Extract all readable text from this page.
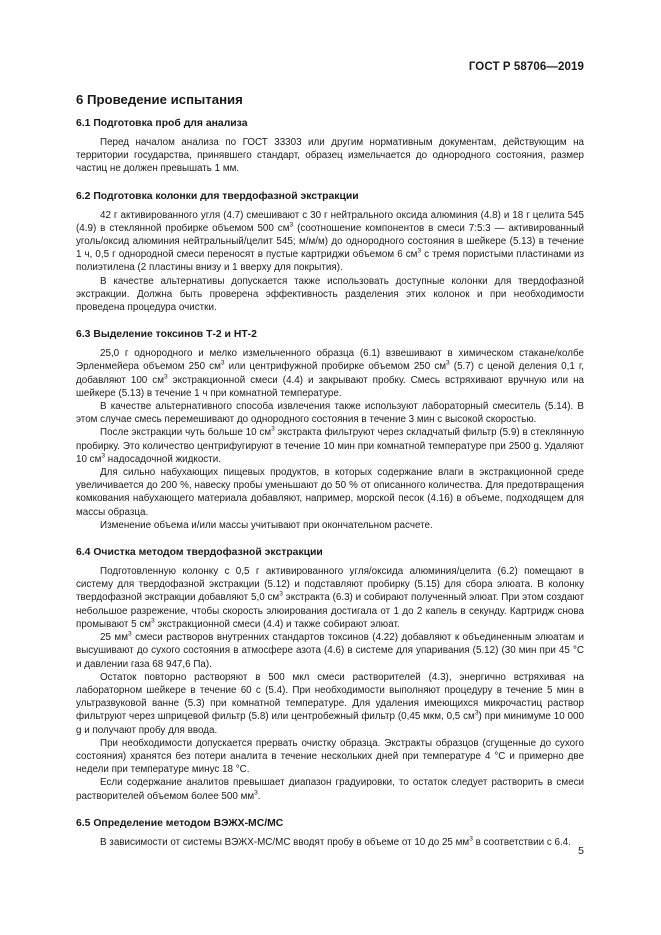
ГОСТ Р 58706—2019
6 Проведение испытания
6.1 Подготовка проб для анализа

Перед началом анализа по ГОСТ 33303 или другим нормативным документам, действующим на территории государства, принявшего стандарт, образец измельчается до однородного состояния, размер частиц не должен превышать 1 мм.

6.2 Подготовка колонки для твердофазной экстракции

42 г активированного угля (4.7) смешивают с 30 г нейтрального оксида алюминия (4.8) и 18 г целита 545 (4.9) в стеклянной пробирке объемом 500 $см^3$ (соотношение компонентов в смеси 7:5:3 — активированный уголь/оксид алюминия нейтральный/целит 545; м/м/м) до однородного состояния в шейкере (5.13) в течение 1 ч, 0,5 г однородной смеси переносят в пустые картриджи объемом 6 $см^3$ с тремя пористыми пластинами из полиэтилена (2 пластины внизу и 1 вверху для покрытия).

В качестве альтернативы допускается также использовать доступные колонки для твердофазной экстракции. Должна быть проверена эффективность разделения этих колонок и при необходимости проведена процедура очистки.

6.3 Выделение токсинов Т-2 и НТ-2

25,0 г однородного и мелко измельченного образца (6.1) взвешивают в химическом стакане/колбе Эрленмейера объемом 250 $см^3$ или центрифужной пробирке объемом 250 $см^3$ (5.7) с ценой деления 0,1 г, добавляют 100 $см^3$ экстракционной смеси (4.4) и закрывают пробку. Смесь встряхивают вручную или на шейкере (5.13) в течение 1 ч при комнатной температуре.

В качестве альтернативного способа извлечения также используют лабораторный смеситель (5.14). В этом случае смесь перемешивают до однородного состояния в течение 3 мин с высокой скоростью.

После экстракции чуть больше 10 $см^3$ экстракта фильтруют через складчатый фильтр (5.9) в стеклянную пробирку. Это количество центрифугируют в течение 10 мин при комнатной температуре при 2500 g. Удаляют 10 $см^3$ надосадочной жидкости.

Для сильно набухающих пищевых продуктов, в которых содержание влаги в экстракционной среде увеличивается до 200 %, навеску пробы уменьшают до 50 % от описанного количества. Для предотвращения комкования набухающего материала добавляют, например, морской песок (4.16) в объеме, подходящем для массы образца.

Изменение объема и/или массы учитывают при окончательном расчете.

6.4 Очистка методом твердофазной экстракции

Подготовленную колонку с 0,5 г активированного угля/оксида алюминия/целита (6.2) помещают в систему для твердофазной экстракции (5.12) и подставляют пробирку (5.15) для сбора элюата. В колонку твердофазной экстракции добавляют 5,0 $см^3$ экстракта (6.3) и собирают полученный элюат. При этом создают небольшое разрежение, чтобы скорость элюирования достигала от 1 до 2 капель в секунду. Картридж снова промывают 5 $см^3$ экстракционной смеси (4.4) и также собирают элюат.

25 $мм^3$ смеси растворов внутренних стандартов токсинов (4.22) добавляют к объединенным элюатам и высушивают до сухого состояния в атмосфере азота (4.6) в системе для упаривания (5.12) (30 мин при 45 °С и давлении газа 68 947,6 Па).

Остаток повторно растворяют в 500 мкл смеси растворителей (4.3), энергично встряхивая на лабораторном шейкере в течение 60 с (5.4). При необходимости выполняют процедуру в течение 5 мин в ультразвуковой ванне (5.3) при комнатной температуре. Для удаления имеющихся микрочастиц раствор фильтруют через шприцевой фильтр (5.8) или центробежный фильтр (0,45 мкм, 0,5 $см^3$) при минимуме 10 000 g и получают пробу для ввода.

При необходимости допускается прервать очистку образца. Экстракты образцов (сгущенные до сухого состояния) хранятся без потери аналита в течение нескольких дней при температуре 4 °С и примерно две недели при температуре минус 18 °С.

Если содержание аналитов превышает диапазон градуировки, то остаток следует растворить в смеси растворителей объемом более 500 $мм^3$.

6.5 Определение методом ВЭЖХ-МС/МС

В зависимости от системы ВЭЖХ-МС/МС вводят пробу в объеме от 10 до 25 $мм^3$ в соответствии с 6.4.

5
